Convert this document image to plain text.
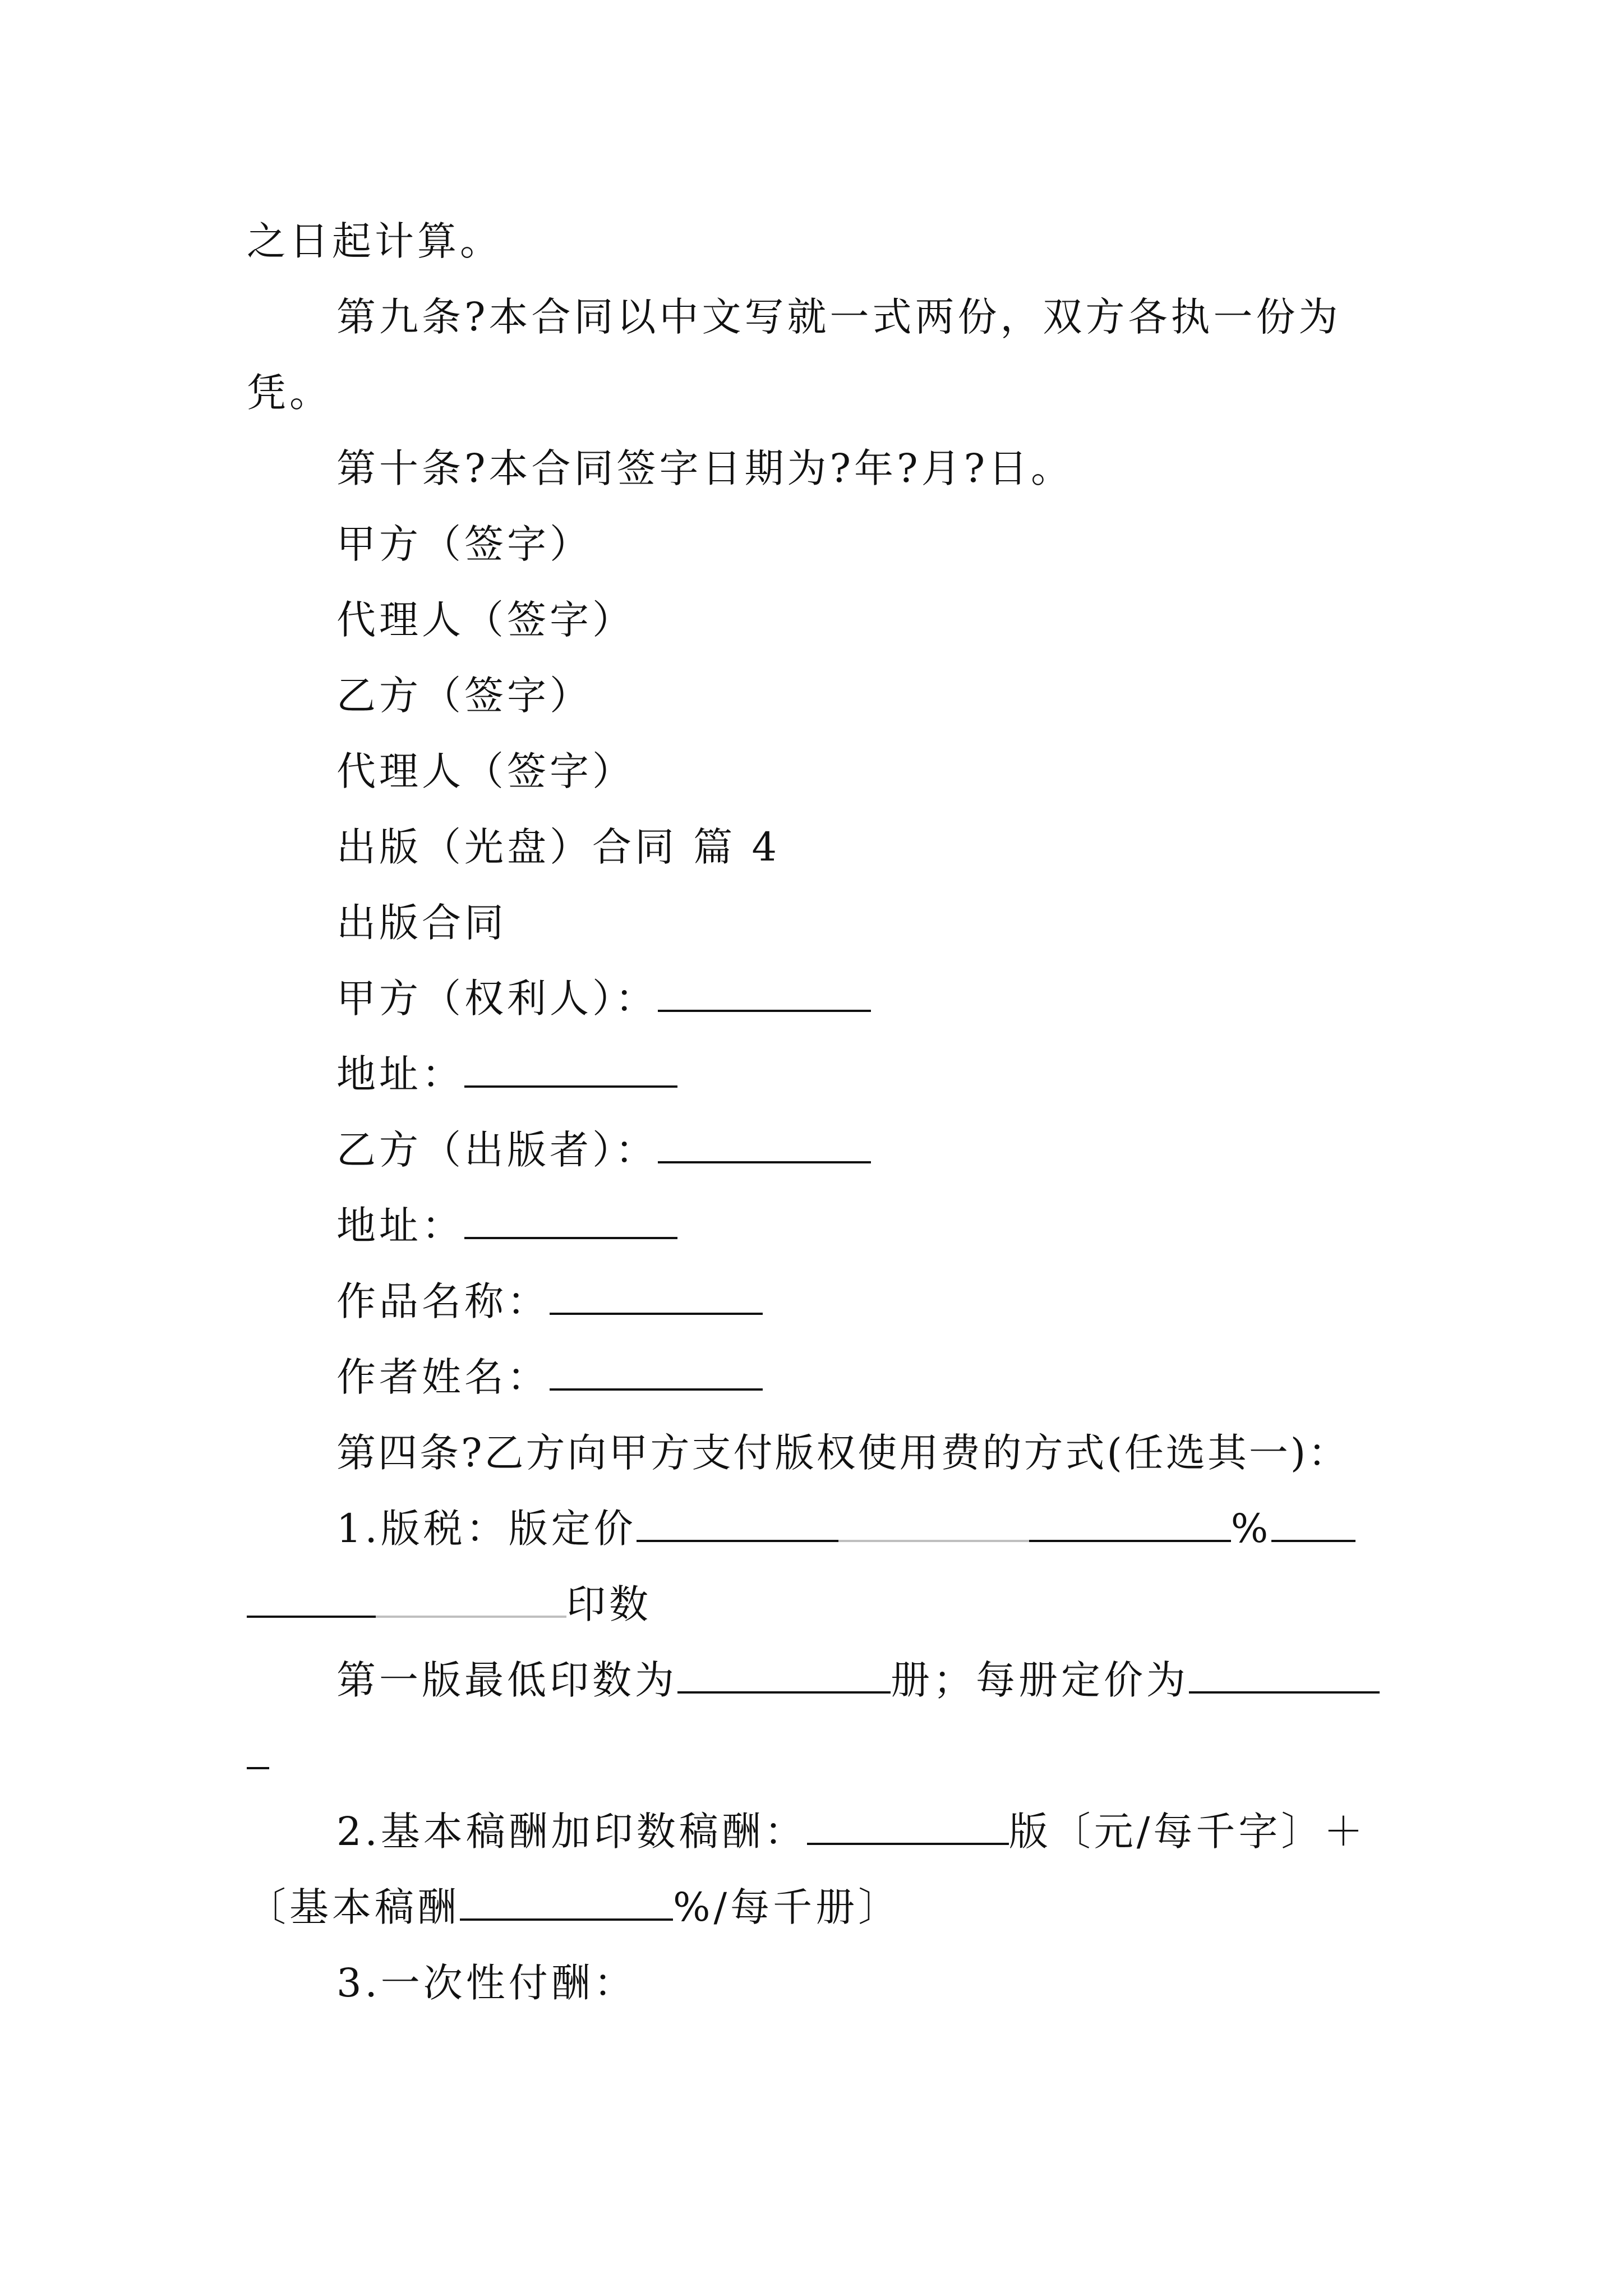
之日起计算。
第九条?本合同以中文写就一式两份，双方各执一份为
凭。
第十条?本合同签字日期为?年?月?日。
甲方（签字）
代理人（签字）
乙方（签字）
代理人（签字）
出版（光盘）合同 篇 4
出版合同
甲方（权利人）：
地址：
乙方（出版者）：
地址：
作品名称：
作者姓名：
第四条?乙方向甲方支付版权使用费的方式(任选其一)：
1.版税：版定价	%
印数
第一版最低印数为	册；每册定价为
2.基本稿酬加印数稿酬：	版〔元/每千字〕＋
〔基本稿酬	%/每千册〕
3.一次性付酬：
